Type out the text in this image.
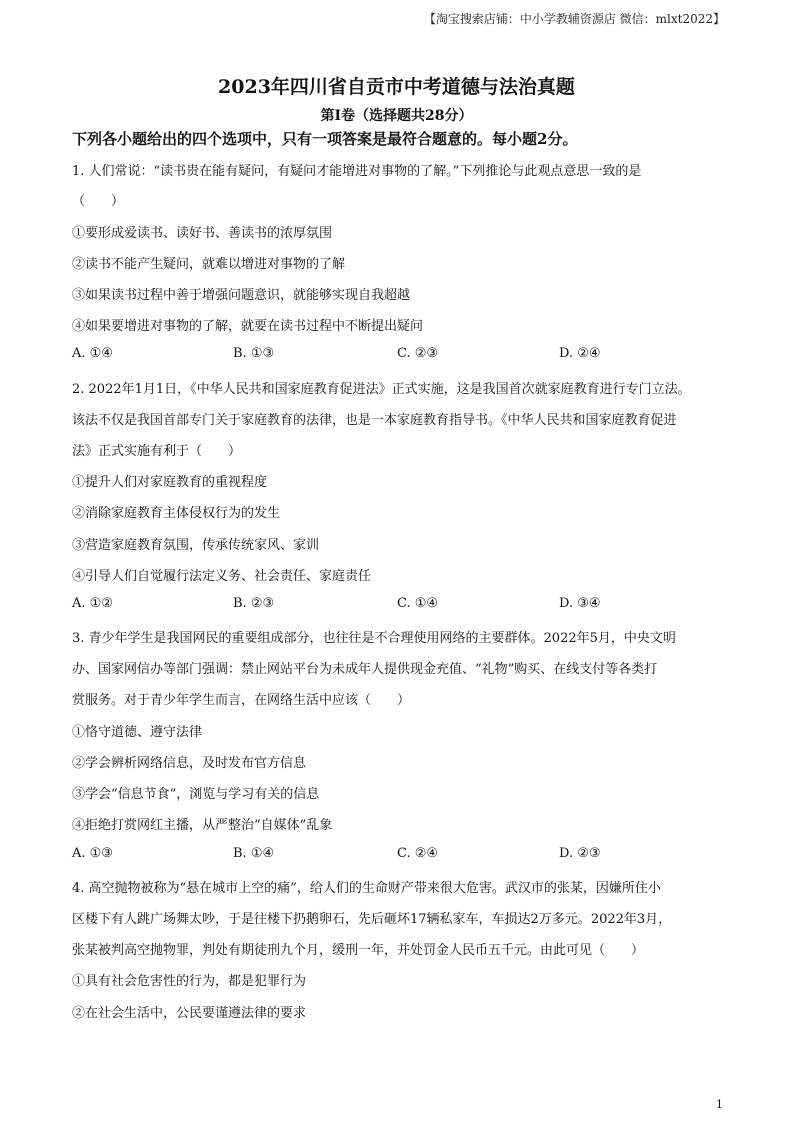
【淘宝搜索店铺：中小学教辅资源店 微信：mlxt2022】
2023年四川省自贡市中考道德与法治真题
第I卷（选择题共28分）
下列各小题给出的四个选项中，只有一项答案是最符合题意的。每小题2分。
1. 人们常说：“读书贵在能有疑问，有疑问才能增进对事物的了解。”下列推论与此观点意思一致的是
（　　）
①要形成爱读书、读好书、善读书的浓厚氛围
②读书不能产生疑问，就难以增进对事物的了解
③如果读书过程中善于增强问题意识，就能够实现自我超越
④如果要增进对事物的了解，就要在读书过程中不断提出疑问
A. ①④	B. ①③	C. ②③	D. ②④
2. 2022年1月1日，《中华人民共和国家庭教育促进法》正式实施，这是我国首次就家庭教育进行专门立法。
该法不仅是我国首部专门关于家庭教育的法律，也是一本家庭教育指导书。《中华人民共和国家庭教育促进
法》正式实施有利于（　　）
①提升人们对家庭教育的重视程度
②消除家庭教育主体侵权行为的发生
③营造家庭教育氛围，传承传统家风、家训
④引导人们自觉履行法定义务、社会责任、家庭责任
A. ①②	B. ②③	C. ①④	D. ③④
3. 青少年学生是我国网民的重要组成部分，也往往是不合理使用网络的主要群体。2022年5月，中央文明
办、国家网信办等部门强调：禁止网站平台为未成年人提供现金充值、“礼物”购买、在线支付等各类打
赏服务。对于青少年学生而言，在网络生活中应该（　　）
①恪守道德、遵守法律
②学会辨析网络信息，及时发布官方信息
③学会“信息节食”，浏览与学习有关的信息
④拒绝打赏网红主播，从严整治“自媒体”乱象
A. ①③	B. ①④	C. ②④	D. ②③
4. 高空抛物被称为“悬在城市上空的痛”，给人们的生命财产带来很大危害。武汉市的张某，因嫌所住小
区楼下有人跳广场舞太吵，于是往楼下扔鹅卵石，先后砸坏17辆私家车，车损达2万多元。2022年3月，
张某被判高空抛物罪，判处有期徒刑九个月，缓刑一年，并处罚金人民币五千元。由此可见（　　）
①具有社会危害性的行为，都是犯罪行为
②在社会生活中，公民要谨遵法律的要求
1
